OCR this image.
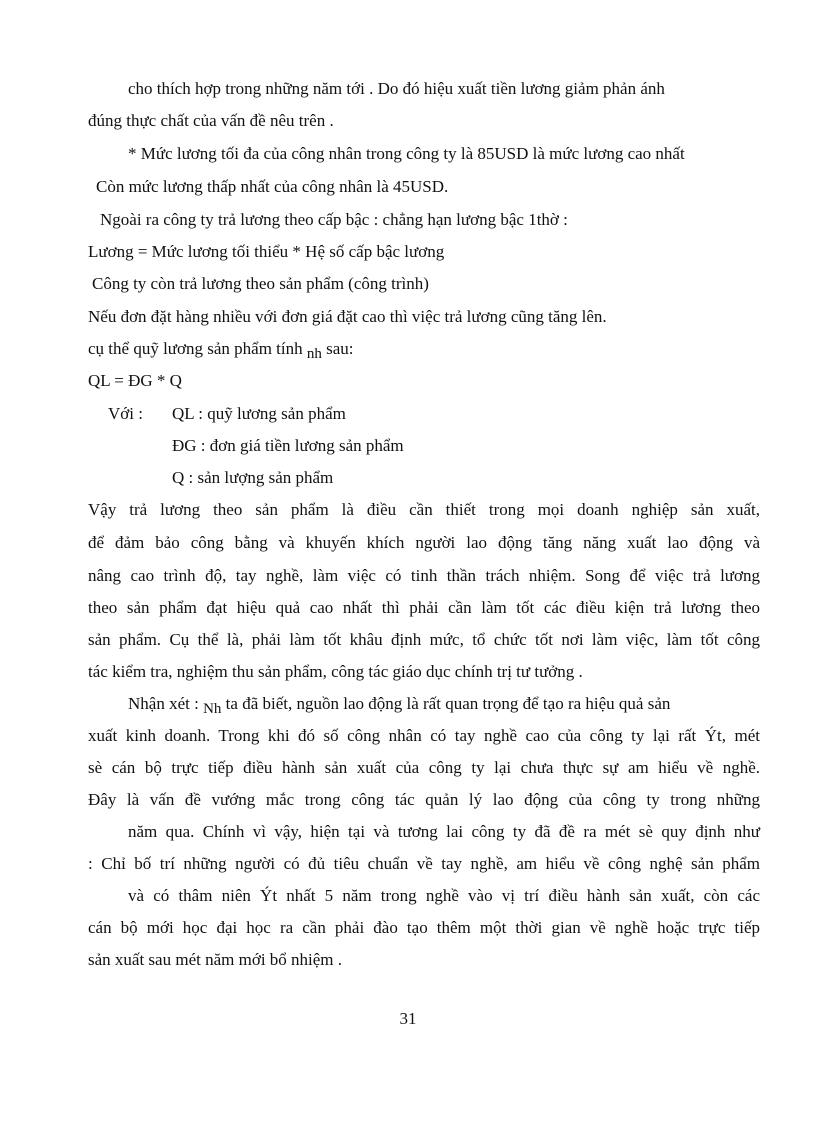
cho thích hợp trong những năm tới . Do đó hiệu xuất tiền lương giảm phản ánh

đúng thực chất của vấn đề nêu trên .

* Mức lương tối đa của công nhân trong công ty là 85USD là mức lương cao nhất

Còn mức lương thấp nhất của công nhân là 45USD.

Ngoài ra công ty trả lương theo cấp bậc : chẳng hạn lương bậc 1thờ :

Lương = Mức lương tối thiểu * Hệ số cấp bậc lương

Công ty còn trả lương theo sản phẩm (công trình)

Nếu đơn đặt hàng nhiều với đơn giá đặt cao thì việc trả lương cũng tăng lên.

cụ thể quỹ lương sản phẩm tính nh sau:

QL = ĐG * Q

Với : QL : quỹ lương sản phẩm

ĐG : đơn giá tiền lương sản phẩm

Q : sản lượng sản phẩm

Vậy trả lương theo sản phẩm là điều cần thiết trong mọi doanh nghiệp sản xuất,

để đảm bảo công bằng và khuyến khích người lao động tăng năng xuất lao động và

nâng cao trình độ, tay nghề, làm việc có tinh thần trách nhiệm. Song để việc trả lương

theo sản phẩm đạt hiệu quả cao nhất thì phải cần làm tốt các điều kiện trả lương theo

sản phẩm. Cụ thể là, phải làm tốt khâu định mức, tổ chức tốt nơi làm việc, làm tốt công

tác kiểm tra, nghiệm thu sản phẩm, công tác giáo dục chính trị tư tưởng .

Nhận xét : Nh ta đã biết, nguồn lao động là rất quan trọng để tạo ra hiệu quả sản

xuất kinh doanh. Trong khi đó số công nhân có tay nghề cao của công ty lại rất Ýt, mét

sè cán bộ trực tiếp điều hành sản xuất của công ty lại chưa thực sự am hiểu về nghề.

Đây là vấn đề vướng mắc trong công tác quản lý lao động của công ty trong những

năm qua. Chính vì vậy, hiện tại và tương lai công ty đã đề ra mét sè quy định như

: Chỉ bố trí những người có đủ tiêu chuẩn về tay nghề, am hiểu về công nghệ sản phẩm

và có thâm niên Ýt nhất 5 năm trong nghề vào vị trí điều hành sản xuất, còn các

cán bộ mới học đại học ra cần phải đào tạo thêm một thời gian về nghề hoặc trực tiếp

sản xuất sau mét năm mới bổ nhiệm .

31
